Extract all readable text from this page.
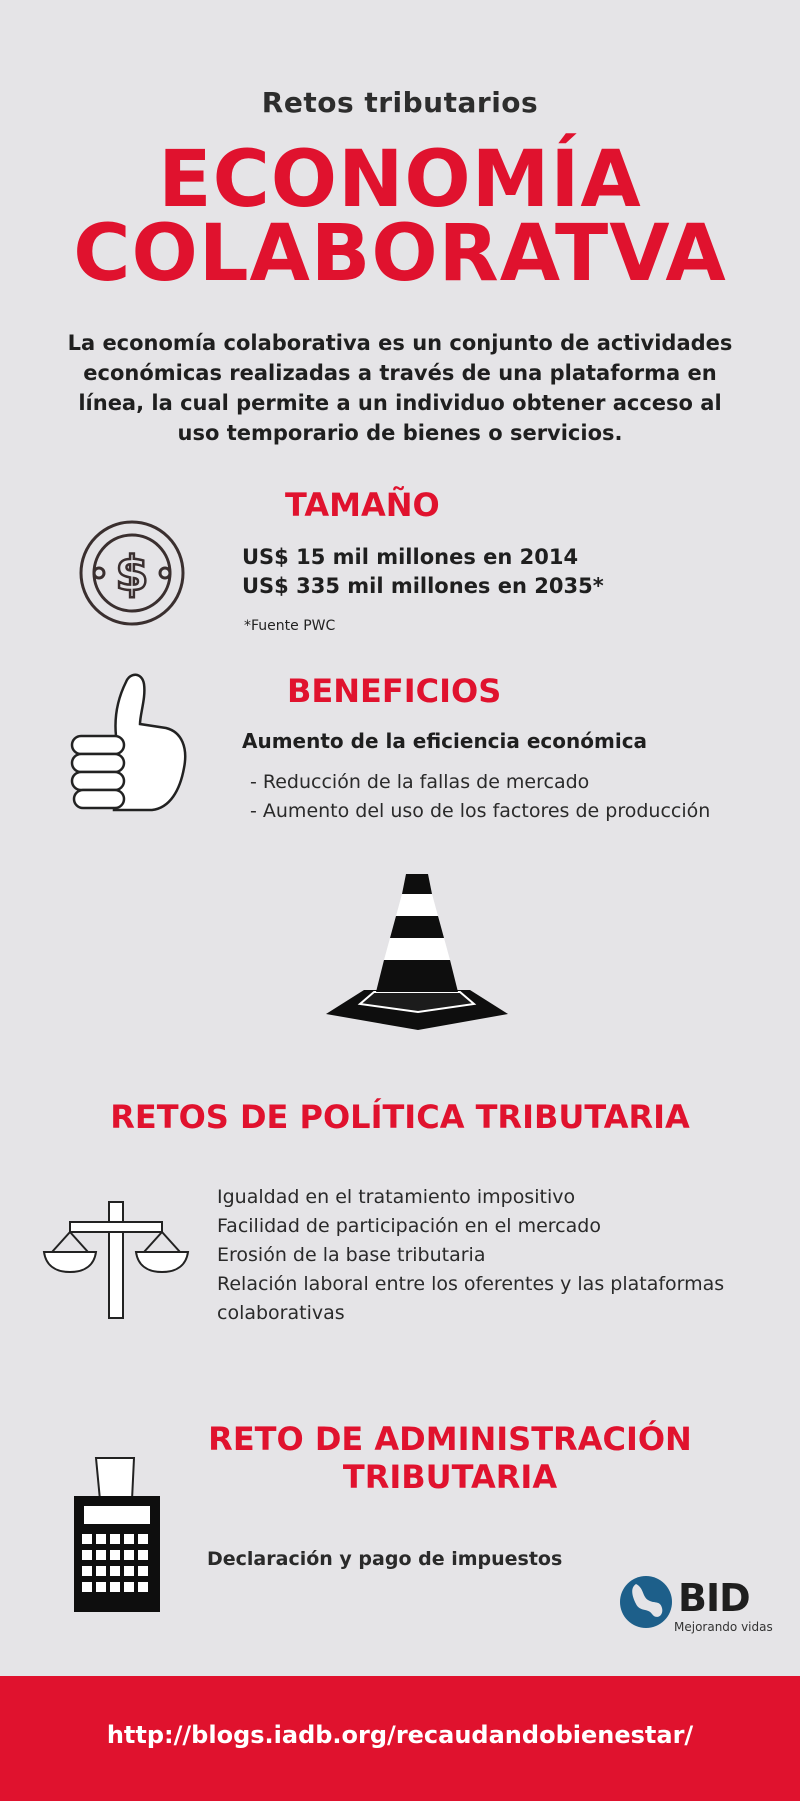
Retos tributarios
ECONOMÍA
COLABORATVA
La economía colaborativa es un conjunto de actividades económicas realizadas a través de una plataforma en línea, la cual permite a un individuo obtener acceso al uso temporario de bienes o servicios.
$
TAMAÑO
US$ 15 mil millones en 2014
US$ 335 mil millones en 2035*
*Fuente PWC
BENEFICIOS
Aumento de la eficiencia económica
- Reducción de la fallas de mercado
- Aumento del uso de los factores de producción
RETOS DE POLÍTICA TRIBUTARIA
Igualdad en el tratamiento impositivo
Facilidad de participación en el mercado
Erosión de la base tributaria
Relación laboral entre los oferentes y las plataformas
colaborativas
RETO DE ADMINISTRACIÓN TRIBUTARIA
Declaración y pago de impuestos
BID
Mejorando vidas
http://blogs.iadb.org/recaudandobienestar/
